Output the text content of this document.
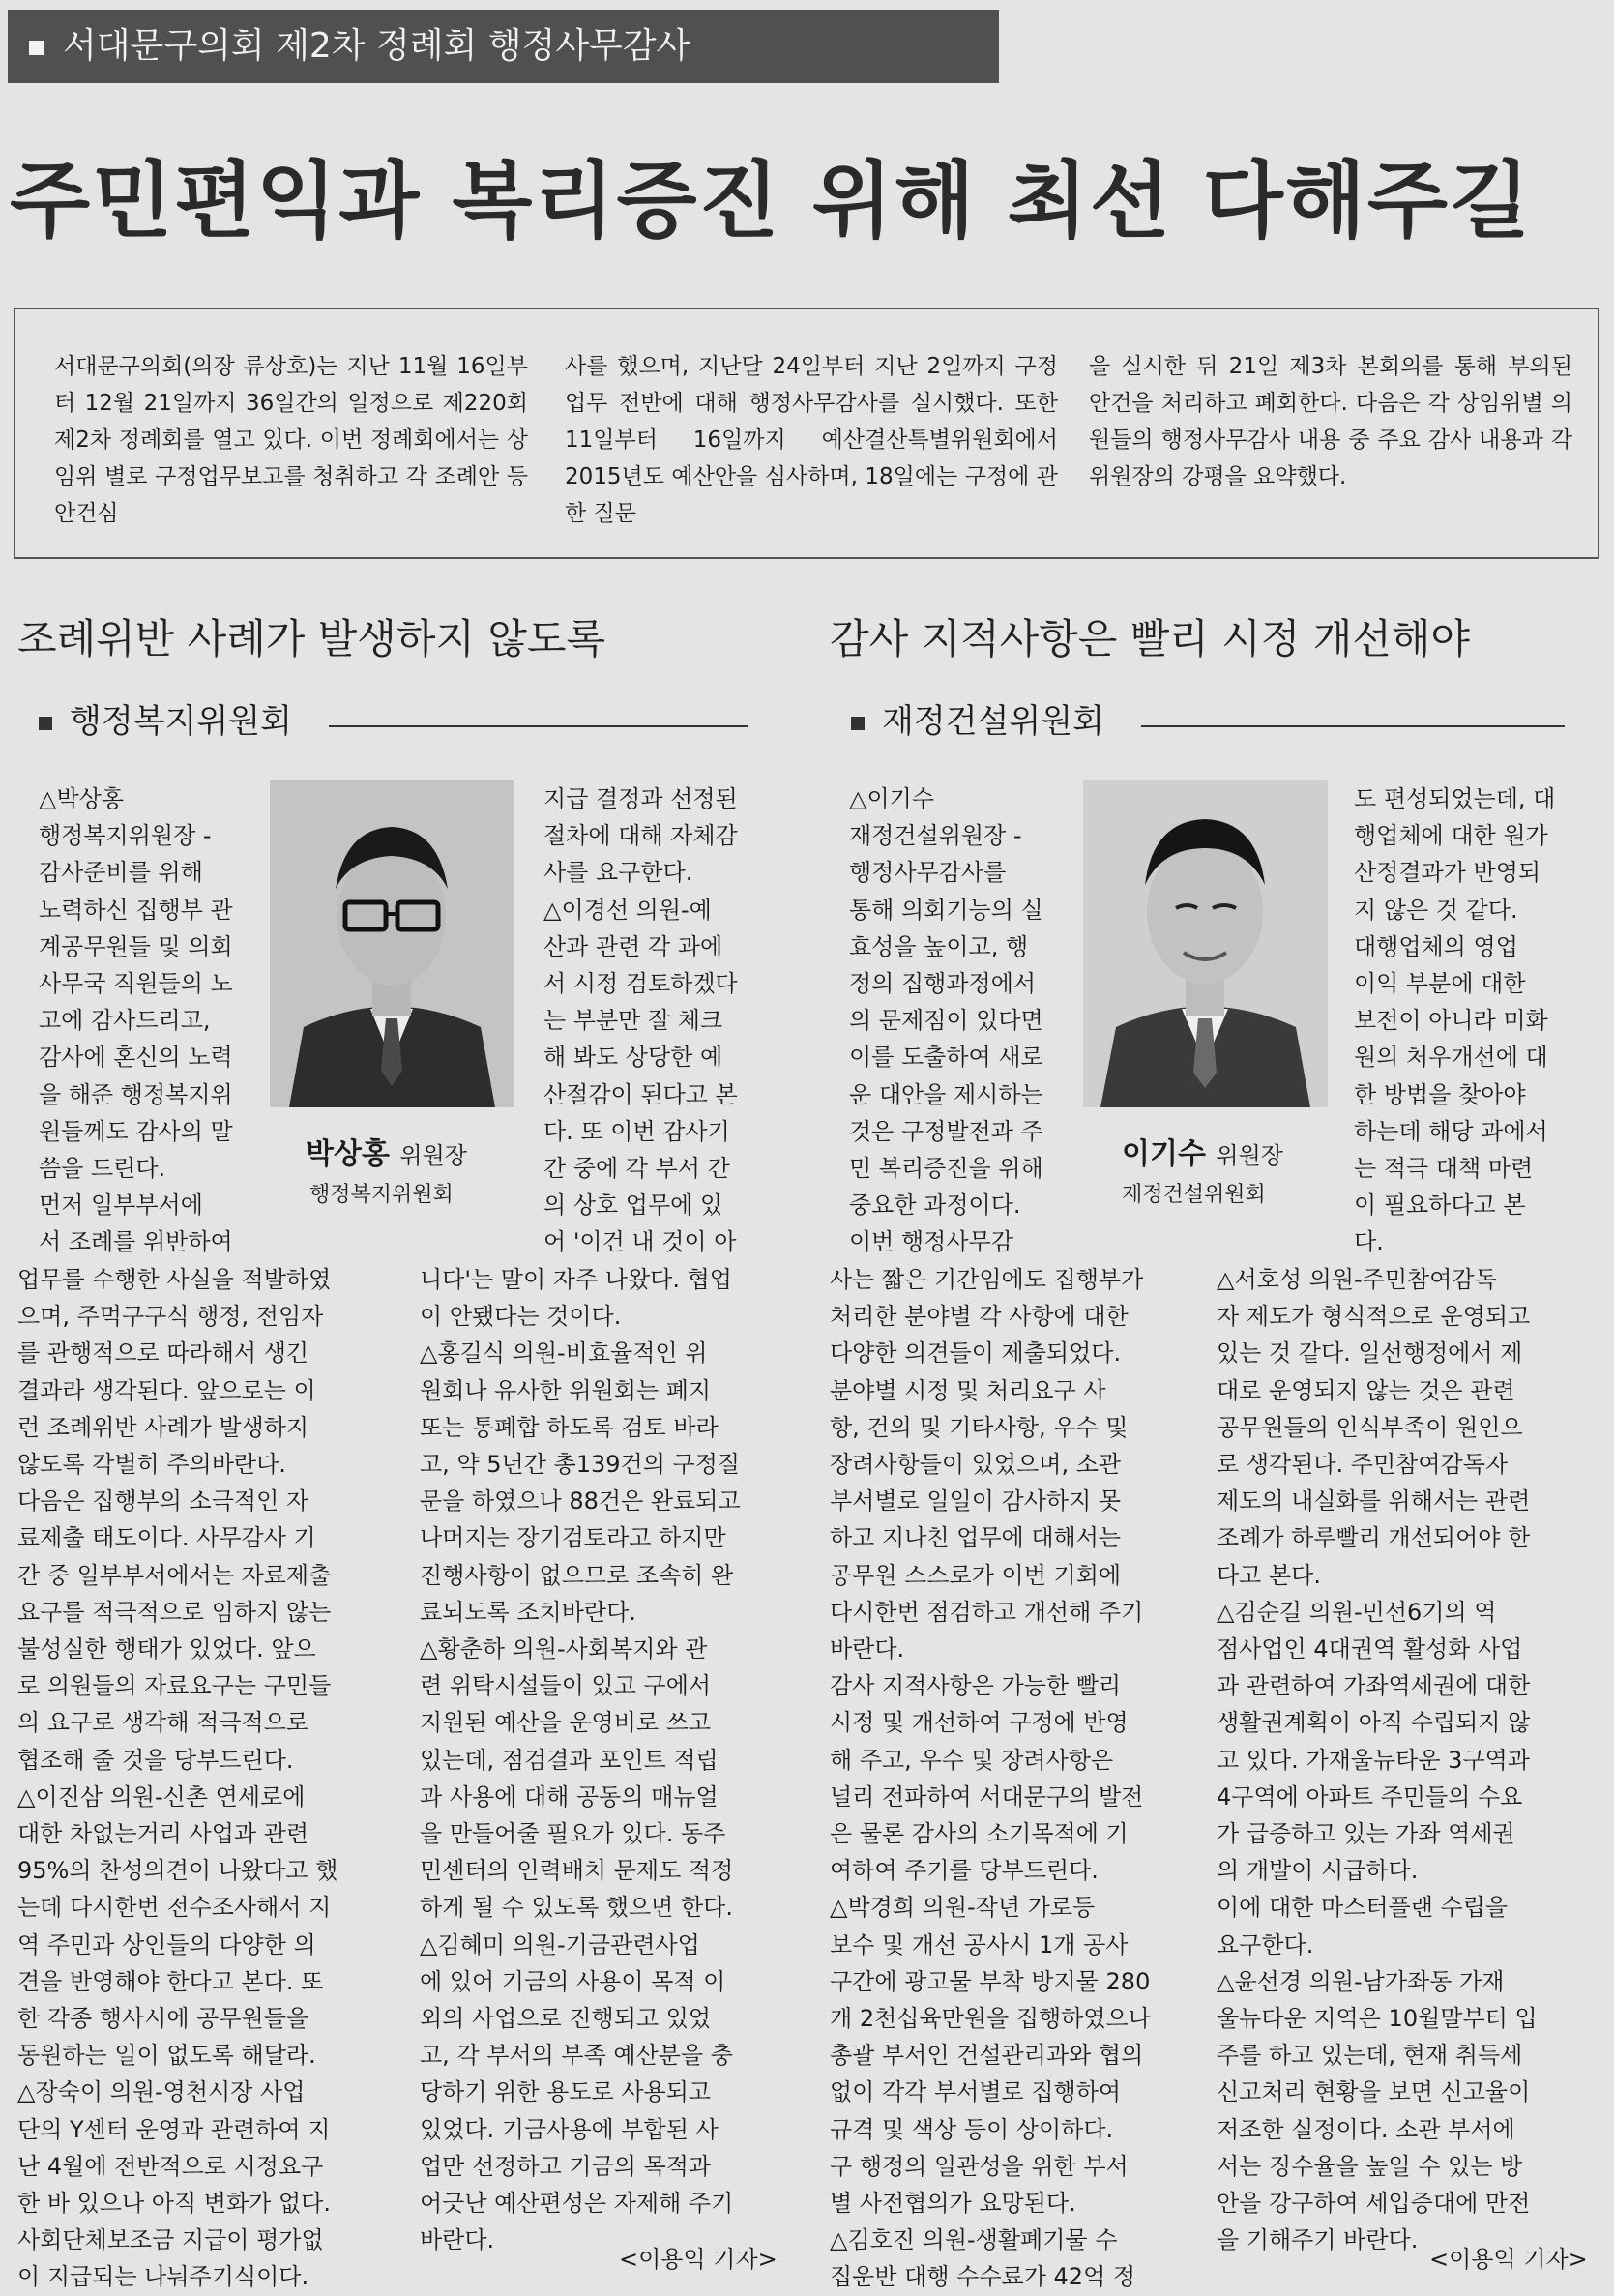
서대문구의회 제2차 정례회 행정사무감사
주민편익과 복리증진 위해 최선 다해주길
서대문구의회(의장 류상호)는 지난 11월 16일부터 12월 21일까지 36일간의 일정으로 제220회 제2차 정례회를 열고 있다. 이번 정례회에서는 상임위 별로 구정업무보고를 청취하고 각 조례안 등 안건심
사를 했으며, 지난달 24일부터 지난 2일까지 구정업무 전반에 대해 행정사무감사를 실시했다. 또한 11일부터 16일까지 예산결산특별위원회에서 2015년도 예산안을 심사하며, 18일에는 구정에 관한 질문
을 실시한 뒤 21일 제3차 본회의를 통해 부의된 안건을 처리하고 폐회한다. 다음은 각 상임위별 의원들의 행정사무감사 내용 중 주요 감사 내용과 각 위원장의 강평을 요약했다.
조례위반 사례가 발생하지 않도록
행정복지위원회
박상홍 위원장
행정복지위원회
△박상홍
행정복지위원장 -
감사준비를 위해
노력하신 집행부 관
계공무원들 및 의회
사무국 직원들의 노
고에 감사드리고,
감사에 혼신의 노력
을 해준 행정복지위
원들께도 감사의 말
씀을 드린다.
먼저 일부부서에
서 조례를 위반하여
업무를 수행한 사실을 적발하였
으며, 주먹구구식 행정, 전임자
를 관행적으로 따라해서 생긴
결과라 생각된다. 앞으로는 이
런 조례위반 사례가 발생하지
않도록 각별히 주의바란다.
다음은 집행부의 소극적인 자
료제출 태도이다. 사무감사 기
간 중 일부부서에서는 자료제출
요구를 적극적으로 임하지 않는
불성실한 행태가 있었다. 앞으
로 의원들의 자료요구는 구민들
의 요구로 생각해 적극적으로
협조해 줄 것을 당부드린다.
△이진삼 의원-신촌 연세로에
대한 차없는거리 사업과 관련
95%의 찬성의견이 나왔다고 했
는데 다시한번 전수조사해서 지
역 주민과 상인들의 다양한 의
견을 반영해야 한다고 본다. 또
한 각종 행사시에 공무원들을
동원하는 일이 없도록 해달라.
△장숙이 의원-영천시장 사업
단의 Y센터 운영과 관련하여 지
난 4월에 전반적으로 시정요구
한 바 있으나 아직 변화가 없다.
사회단체보조금 지급이 평가없
이 지급되는 나눠주기식이다.
지급 결정과 선정된
절차에 대해 자체감
사를 요구한다.
△이경선 의원-예
산과 관련 각 과에
서 시정 검토하겠다
는 부분만 잘 체크
해 봐도 상당한 예
산절감이 된다고 본
다. 또 이번 감사기
간 중에 각 부서 간
의 상호 업무에 있
어 '이건 내 것이 아
니다'는 말이 자주 나왔다. 협업
이 안됐다는 것이다.
△홍길식 의원-비효율적인 위
원회나 유사한 위원회는 폐지
또는 통폐합 하도록 검토 바라
고, 약 5년간 총139건의 구정질
문을 하였으나 88건은 완료되고
나머지는 장기검토라고 하지만
진행사항이 없으므로 조속히 완
료되도록 조치바란다.
△황춘하 의원-사회복지와 관
련 위탁시설들이 있고 구에서
지원된 예산을 운영비로 쓰고
있는데, 점검결과 포인트 적립
과 사용에 대해 공동의 매뉴얼
을 만들어줄 필요가 있다. 동주
민센터의 인력배치 문제도 적정
하게 될 수 있도록 했으면 한다.
△김혜미 의원-기금관련사업
에 있어 기금의 사용이 목적 이
외의 사업으로 진행되고 있었
고, 각 부서의 부족 예산분을 충
당하기 위한 용도로 사용되고
있었다. 기금사용에 부합된 사
업만 선정하고 기금의 목적과
어긋난 예산편성은 자제해 주기
바란다.
<이용익 기자>
감사 지적사항은 빨리 시정 개선해야
재정건설위원회
이기수 위원장
재정건설위원회
△이기수
재정건설위원장 -
행정사무감사를
통해 의회기능의 실
효성을 높이고, 행
정의 집행과정에서
의 문제점이 있다면
이를 도출하여 새로
운 대안을 제시하는
것은 구정발전과 주
민 복리증진을 위해
중요한 과정이다.
이번 행정사무감
사는 짧은 기간임에도 집행부가
처리한 분야별 각 사항에 대한
다양한 의견들이 제출되었다.
분야별 시정 및 처리요구 사
항, 건의 및 기타사항, 우수 및
장려사항들이 있었으며, 소관
부서별로 일일이 감사하지 못
하고 지나친 업무에 대해서는
공무원 스스로가 이번 기회에
다시한번 점검하고 개선해 주기
바란다.
감사 지적사항은 가능한 빨리
시정 및 개선하여 구정에 반영
해 주고, 우수 및 장려사항은
널리 전파하여 서대문구의 발전
은 물론 감사의 소기목적에 기
여하여 주기를 당부드린다.
△박경희 의원-작년 가로등
보수 및 개선 공사시 1개 공사
구간에 광고물 부착 방지물 280
개 2천십육만원을 집행하였으나
총괄 부서인 건설관리과와 협의
없이 각각 부서별로 집행하여
규격 및 색상 등이 상이하다.
구 행정의 일관성을 위한 부서
별 사전협의가 요망된다.
△김호진 의원-생활폐기물 수
집운반 대행 수수료가 42억 정
도 편성되었는데, 대
행업체에 대한 원가
산정결과가 반영되
지 않은 것 같다.
대행업체의 영업
이익 부분에 대한
보전이 아니라 미화
원의 처우개선에 대
한 방법을 찾아야
하는데 해당 과에서
는 적극 대책 마련
이 필요하다고 본
다.
△서호성 의원-주민참여감독
자 제도가 형식적으로 운영되고
있는 것 같다. 일선행정에서 제
대로 운영되지 않는 것은 관련
공무원들의 인식부족이 원인으
로 생각된다. 주민참여감독자
제도의 내실화를 위해서는 관련
조례가 하루빨리 개선되어야 한
다고 본다.
△김순길 의원-민선6기의 역
점사업인 4대권역 활성화 사업
과 관련하여 가좌역세권에 대한
생활권계획이 아직 수립되지 않
고 있다. 가재울뉴타운 3구역과
4구역에 아파트 주민들의 수요
가 급증하고 있는 가좌 역세권
의 개발이 시급하다.
이에 대한 마스터플랜 수립을
요구한다.
△윤선경 의원-남가좌동 가재
울뉴타운 지역은 10월말부터 입
주를 하고 있는데, 현재 취득세
신고처리 현황을 보면 신고율이
저조한 실정이다. 소관 부서에
서는 징수율을 높일 수 있는 방
안을 강구하여 세입증대에 만전
을 기해주기 바란다.
<이용익 기자>
